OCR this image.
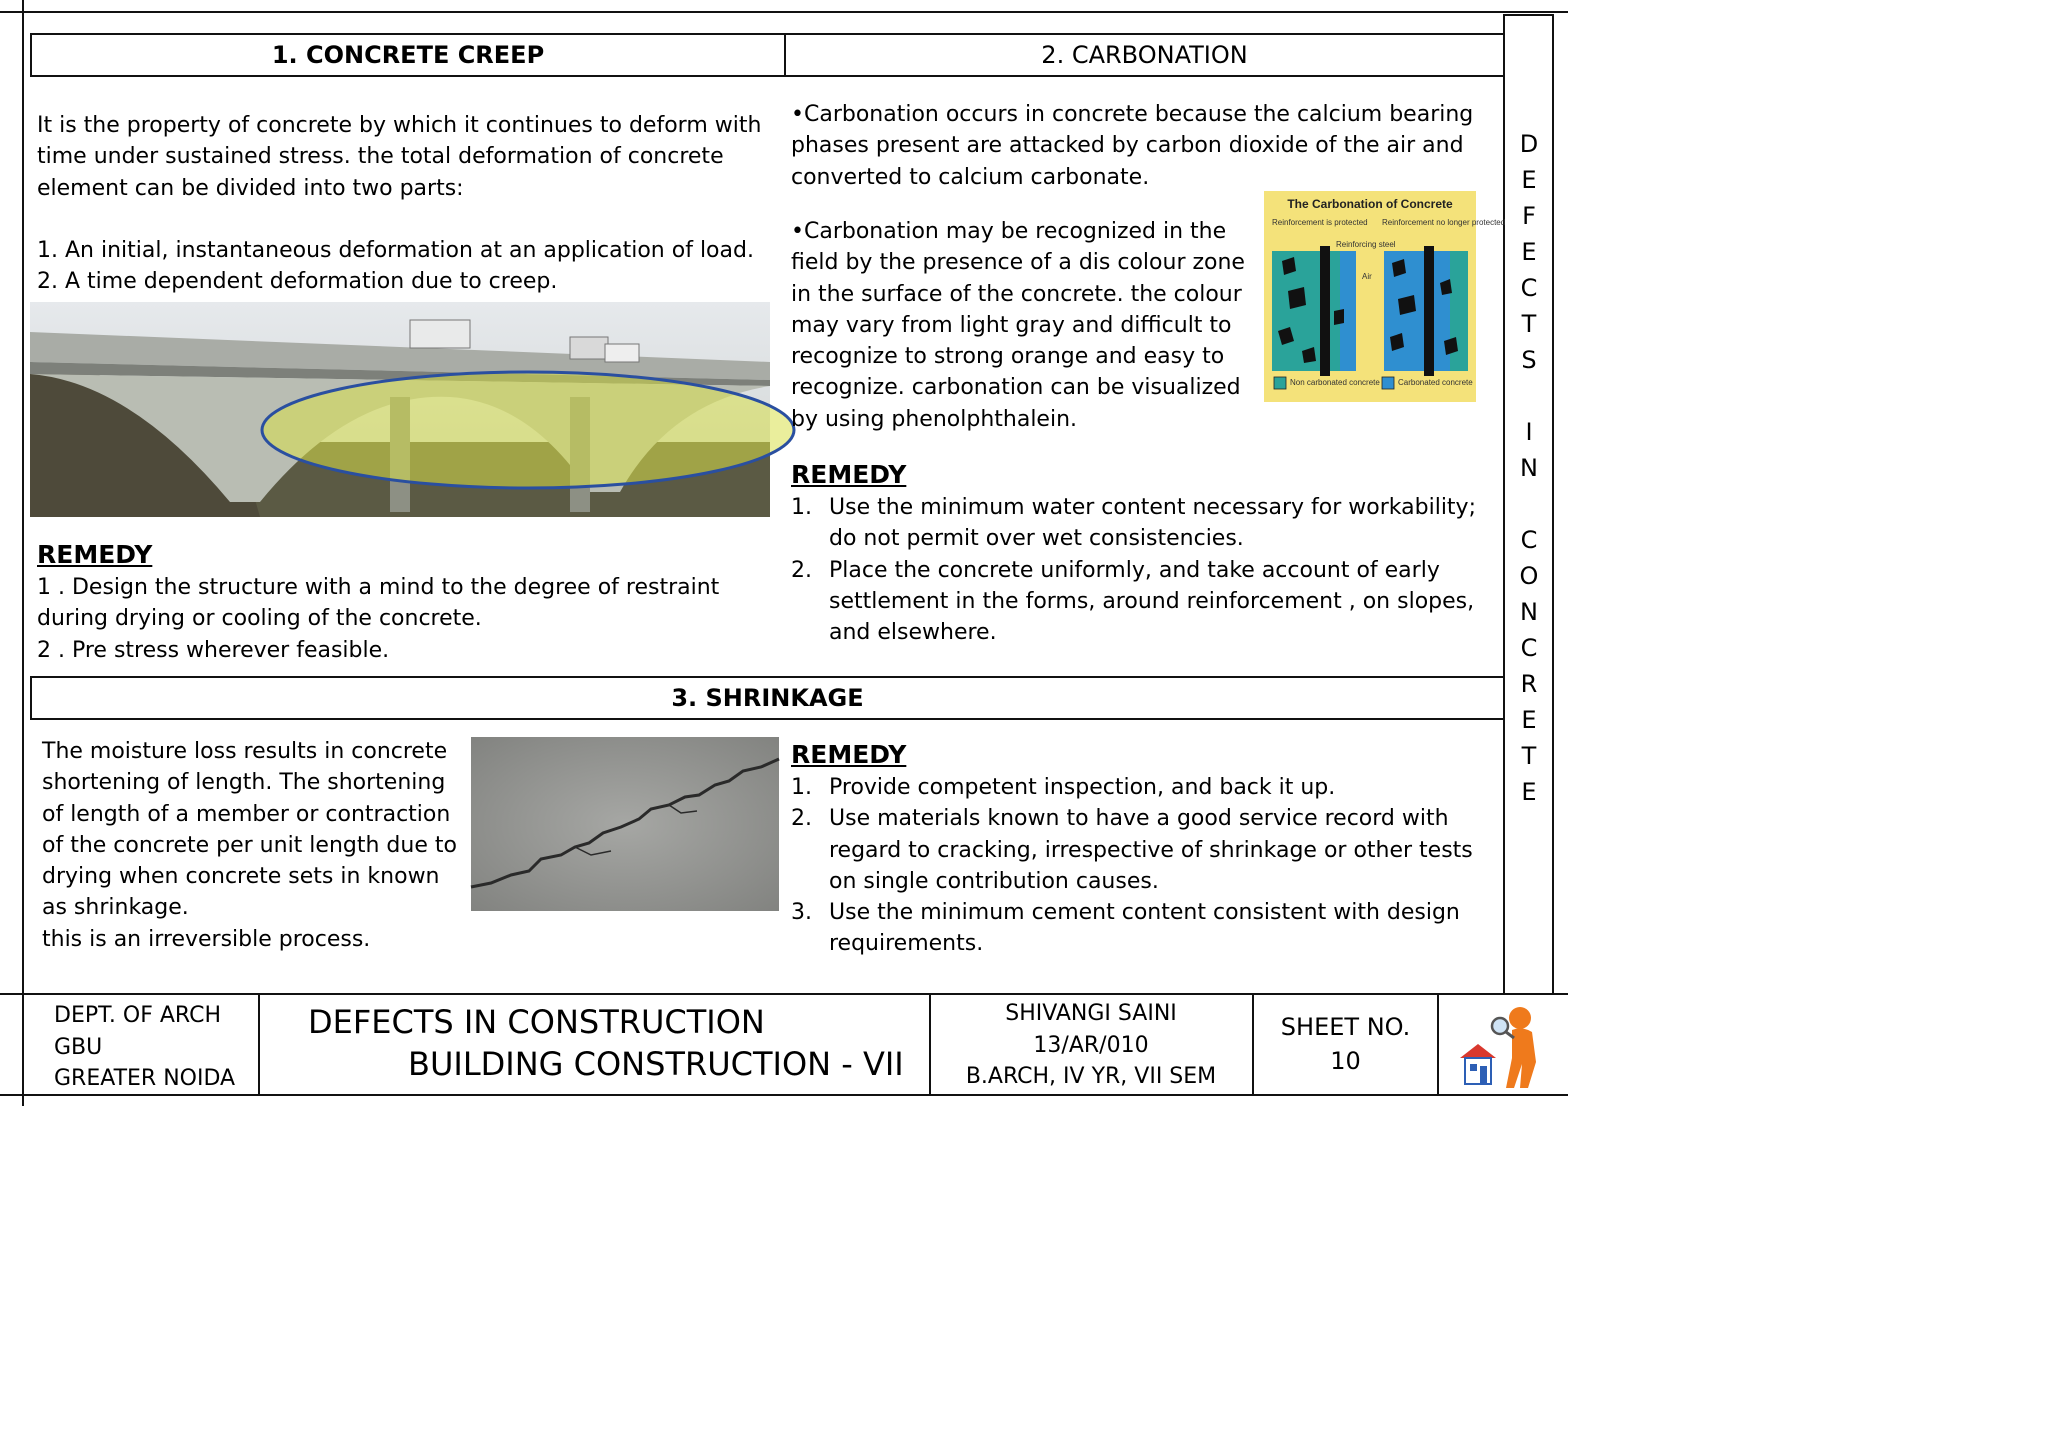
1. CONCRETE CREEP	2. CARBONATION
3. SHRINKAGE

It is the property of concrete by which it continues to deform with time under sustained stress. the total deformation of concrete element can be divided into two parts:

1. An initial, instantaneous deformation at an application of load.

2. A time dependent deformation due to creep.

REMEDY

1 . Design the structure with a mind to the degree of restraint during drying or cooling of the concrete.

2 . Pre stress wherever feasible.

•Carbonation occurs in concrete because the calcium bearing phases present are attacked by carbon dioxide of the air and converted to calcium carbonate.

•Carbonation may be recognized in the field by the presence of a dis colour zone in the surface of the concrete. the colour may vary from light gray and difficult to recognize to strong orange and easy to recognize. carbonation can be visualized by using phenolphthalein.

The Carbonation of Concrete
Reinforcement is protected Reinforcement no longer protected
Reinforcing steel
Air
Non carbonated concrete Carbonated concrete
REMEDY
1. Use the minimum water content necessary for workability; do not permit over wet consistencies.
2. Place the concrete uniformly, and take account of early settlement in the forms, around reinforcement , on slopes, and elsewhere.

The moisture loss results in concrete shortening of length. The shortening of length of a member or contraction of the concrete per unit length due to drying when concrete sets in known as shrinkage.

this is an irreversible process.

REMEDY
1. Provide competent inspection, and back it up.
2. Use materials known to have a good service record with regard to cracking, irrespective of shrinkage or other tests on single contribution causes.
3. Use the minimum cement content consistent with design requirements.
D
E
F
E
C
T
S

I
N

C
O
N
C
R
E
T
E
DEPT. OF ARCH
GBU
GREATER NOIDA
DEFECTS IN CONSTRUCTION
BUILDING CONSTRUCTION - VII
SHIVANGI SAINI
13/AR/010
B.ARCH, IV YR, VII SEM
SHEET NO.
10
